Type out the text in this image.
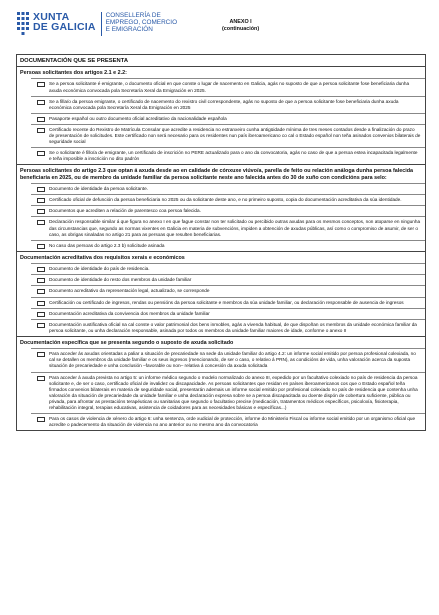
XUNTA
DE GALICIA
CONSELLERÍA DE
EMPREGO, COMERCIO
E EMIGRACIÓN
ANEXO I
(continuación)
DOCUMENTACIÓN QUE SE PRESENTA
Persoas solicitantes dos artigos 2.1 e 2.2:
Se a persoa solicitante é emigrante, o documento oficial en que conste o lugar de nacemento en Galicia, agás no suposto de que a persoa solicitante fose beneficiaria dunha axuda económica convocada pola Secretaría Xeral da Emigración en 2025.
Se a filla/o da persoa emigrante, o certificado de nacemento do rexistro civil correspondente, agás no suposto de que a persoa solicitante fose beneficiaria dunha axuda económica convocada pola Secretaría Xeral da Emigración en 2025
Pasaporte español ou outro documento oficial acreditativo da nacionalidade española
Certificado recente do Rexistro de Matrícula Consular que acredite a residencia no estranxeiro cunha antigüidade mínima de tres meses contados desde a finalización do prazo de presentación de solicitudes. Este certificado non será necesario para os residentes nun país iberoamericano co cal o Estado español non teña asinados convenios bilaterais de seguridade social
Se o solicitante é fillo/a de emigrante, un certificado de inscrición no PERE actualizado para o ano da convocatoria, agás no caso de que a persoa estea incapacitada legalmente e teña imposible a inscrición no dito padrón
Persoas solicitantes do artigo 2.3 que optan á axuda desde ao en calidade de cónxuxe viúvo/a, parella de feito ou relación análoga dunha persoa falecida beneficiaria en 2025, ou de membro da unidade familiar da persoa solicitante neste ano falecida antes do 30 de xuño con condicións para selo:
Documento de identidade da persoa solicitante.
Certificado oficial de defunción da persoa beneficiaria no 2025 ou da solicitante deste ano, e no primeiro suposto, copia do documentación acreditativa da súa identidade.
Documentos que acrediten a relación de parentesco coa persoa falecida.
Declaración responsable similar á que figura no anexo I en que fague constar non ter solicitado ou percibido outras axudas para os mesmos conceptos, non atoparse en ningunha das circunstancias que, segundo as normas vixentes en Galicia en materia de subvencións, impiden a obtención de axudas públicas, así como o compromiso de asumir, de ser o caso, as obrigas sinaladas no artigo 21 para as persoas que resulten beneficiarias.
No caso das persoas do artigo 2.3 b) solicitude asinada
Documentación acreditativa dos requisitos xerais e económicos
Documento de identidade do país de residencia.
Documento de identidade do resto dos membros da unidade familiar
Documento acreditativo da representación legal, actualizado, se corresponde
Certificación ou certificado de ingresos, rendas ou pensións da persoa solicitante e membros da súa unidade familiar, ou declaración responsable de ausencia de ingresos
Documentación acreditativa da convivencia dos membros da unidade familiar
Documentación xustificativa oficial na cal conste o valor patrimonial dos bens inmobles, agás a vivenda habitual, de que dispoñan os membros da unidade económica familiar da persoa solicitante, ou unha declaración responsable, asinada por todos os membros da unidade familiar maiores de idade, conforme o anexo II
Documentación específica que se presenta segundo o suposto de axuda solicitado
Para acceder ás axudas orientadas a paliar a situación de precariedade na sede da unidade familiar do artigo 4.2: un informe social emitido por persoa profesional colexiada, no cal se detallen os membros da unidade familiar e os seus ingresos (mencionando, de ser o caso, o relativo á PRN), as condicións de vida, unha valoración acerca da suposta situación de precariedade e unha conclusión –favorable ou non– relativa á concesión da axuda solicitada
Para acceder á axuda prevista no artigo 5: un informe médico segundo o modelo normalizado do anexo III, expedido por un facultativo colexiado no país de residencia da persoa solicitante e, de ser o caso, certificado oficial de invalidez ou discapacidade. As persoas solicitantes que residan en países iberoamericanos cos que o Estado español teña firmados convenios bilaterais en materia de seguridade social, presentarán ademais un informe social emitido por profesional colexiado no país de residencia que contenha unha valoración da situación de precariedade da unidade familiar e unha declaración expresa sobre se a persoa discapacitada ou doente dispón de cobertura suficiente, pública ou privada, para afrontar as prestacións terapéuticas ou sanitarias que segundo o facultativo precise (medicación, tratamentos médicos específicos, psicoloxía, fisioterapia, rehabilitación integral, terapias educativas, asistencia de coidadores para as necesidades básicas e específicas...)
Para os casos de violencia de xénero do artigo 6: unha sentenza, orde xudicial de protección, informe do Ministerio Fiscal ou informe social emitido por un organismo oficial que acredite o padecemento da situación de violencia no ano anterior ou no mesmo ano da convocatoria
